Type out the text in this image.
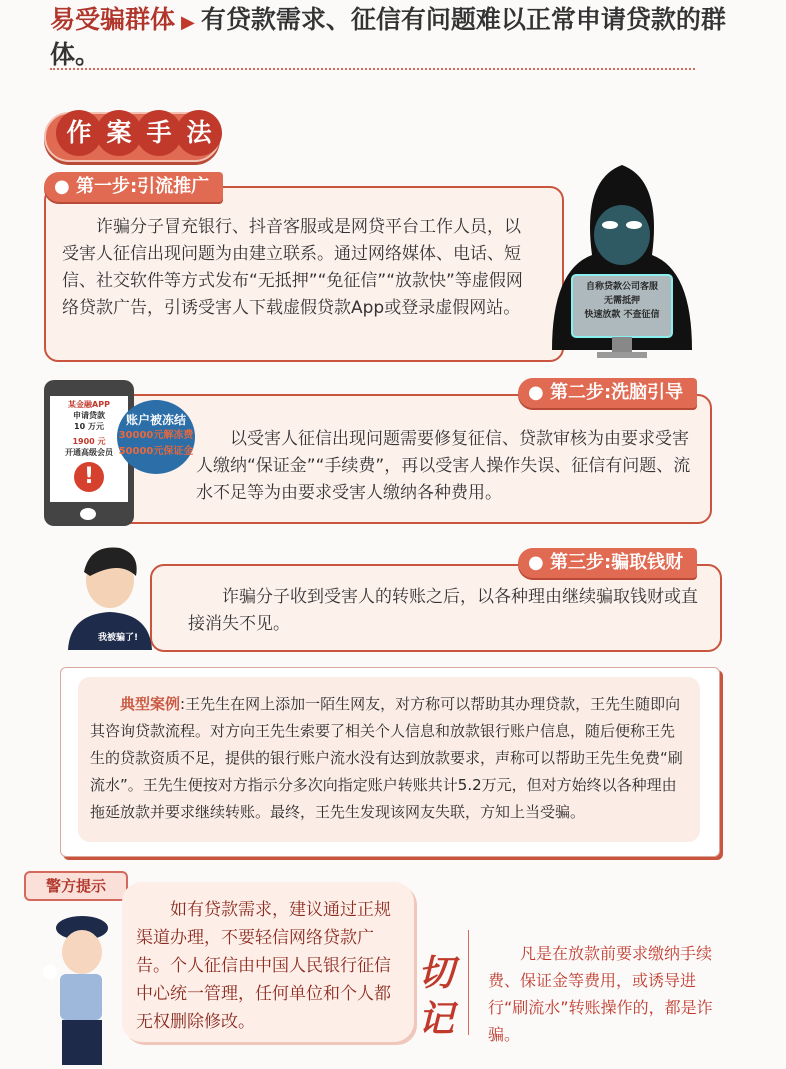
易受骗群体 ▶ 有贷款需求、征信有问题难以正常申请贷款的群体。
作 案 手 法
● 第一步:引流推广
诈骗分子冒充银行、抖音客服或是网贷平台工作人员，以受害人征信出现问题为由建立联系。通过网络媒体、电话、短信、社交软件等方式发布“无抵押”“免征信”“放款快”等虚假网络贷款广告，引诱受害人下载虚假贷款App或登录虚假网站。
自称贷款公司客服
无需抵押
快速放款 不查征信
● 第二步:洗脑引导
以受害人征信出现问题需要修复征信、贷款审核为由要求受害人缴纳“保证金”“手续费”，再以受害人操作失误、征信有问题、流水不足等为由要求受害人缴纳各种费用。
某金融APP
申请贷款
10 万元
1900 元
开通高级会员
!
账户被冻结
30000元解冻费
50000元保证金
● 第三步:骗取钱财
诈骗分子收到受害人的转账之后，以各种理由继续骗取钱财或直接消失不见。
我被骗了!
典型案例:王先生在网上添加一陌生网友，对方称可以帮助其办理贷款，王先生随即向其咨询贷款流程。对方向王先生索要了相关个人信息和放款银行账户信息，随后便称王先生的贷款资质不足，提供的银行账户流水没有达到放款要求，声称可以帮助王先生免费“刷流水”。王先生便按对方指示分多次向指定账户转账共计5.2万元，但对方始终以各种理由拖延放款并要求继续转账。最终，王先生发现该网友失联，方知上当受骗。
警方提示
如有贷款需求，建议通过正规渠道办理，不要轻信网络贷款广告。个人征信由中国人民银行征信中心统一管理，任何单位和个人都无权删除修改。
切记
凡是在放款前要求缴纳手续费、保证金等费用，或诱导进行“刷流水”转账操作的，都是诈骗。
